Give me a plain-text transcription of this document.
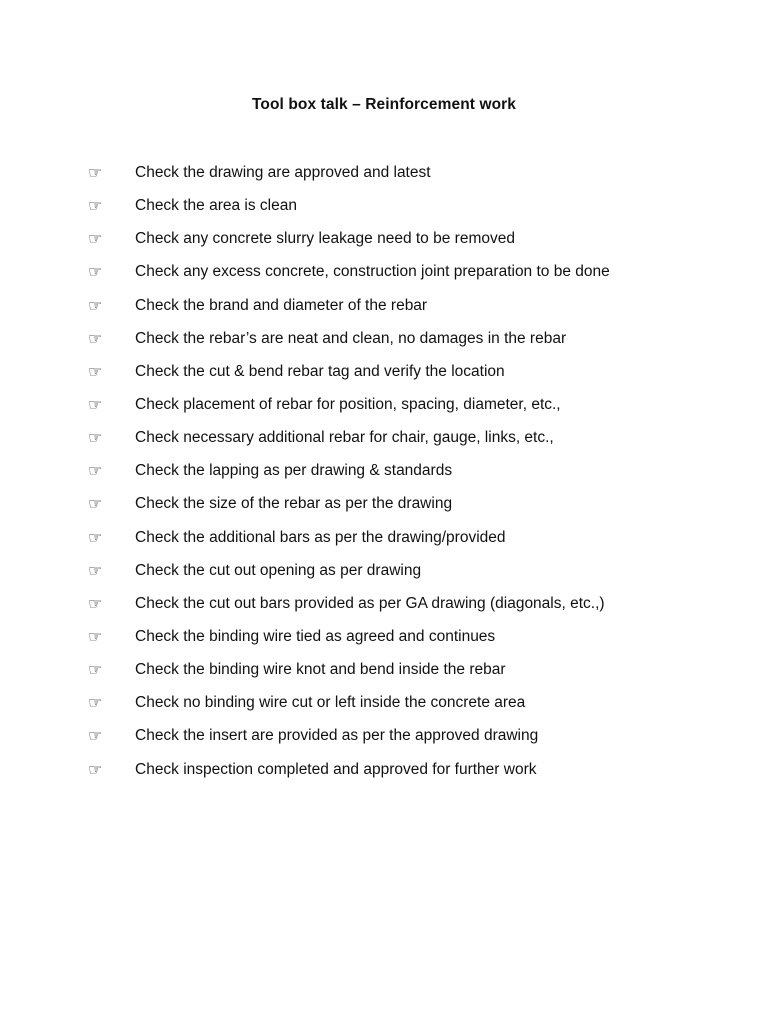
Tool box talk – Reinforcement work
☞	Check the drawing are approved and latest
☞	Check the area is clean
☞	Check any concrete slurry leakage need to be removed
☞	Check any excess concrete, construction joint preparation to be done
☞	Check the brand and diameter of the rebar
☞	Check the rebar’s are neat and clean, no damages in the rebar
☞	Check the cut & bend rebar tag and verify the location
☞	Check placement of rebar for position, spacing, diameter, etc.,
☞	Check necessary additional rebar for chair, gauge, links, etc.,
☞	Check the lapping as per drawing & standards
☞	Check the size of the rebar as per the drawing
☞	Check the additional bars as per the drawing/provided
☞	Check the cut out opening as per drawing
☞	Check the cut out bars provided as per GA drawing (diagonals, etc.,)
☞	Check the binding wire tied as agreed and continues
☞	Check the binding wire knot and bend inside the rebar
☞	Check no binding wire cut or left inside the concrete area
☞	Check the insert are provided as per the approved drawing
☞	Check inspection completed and approved for further work
